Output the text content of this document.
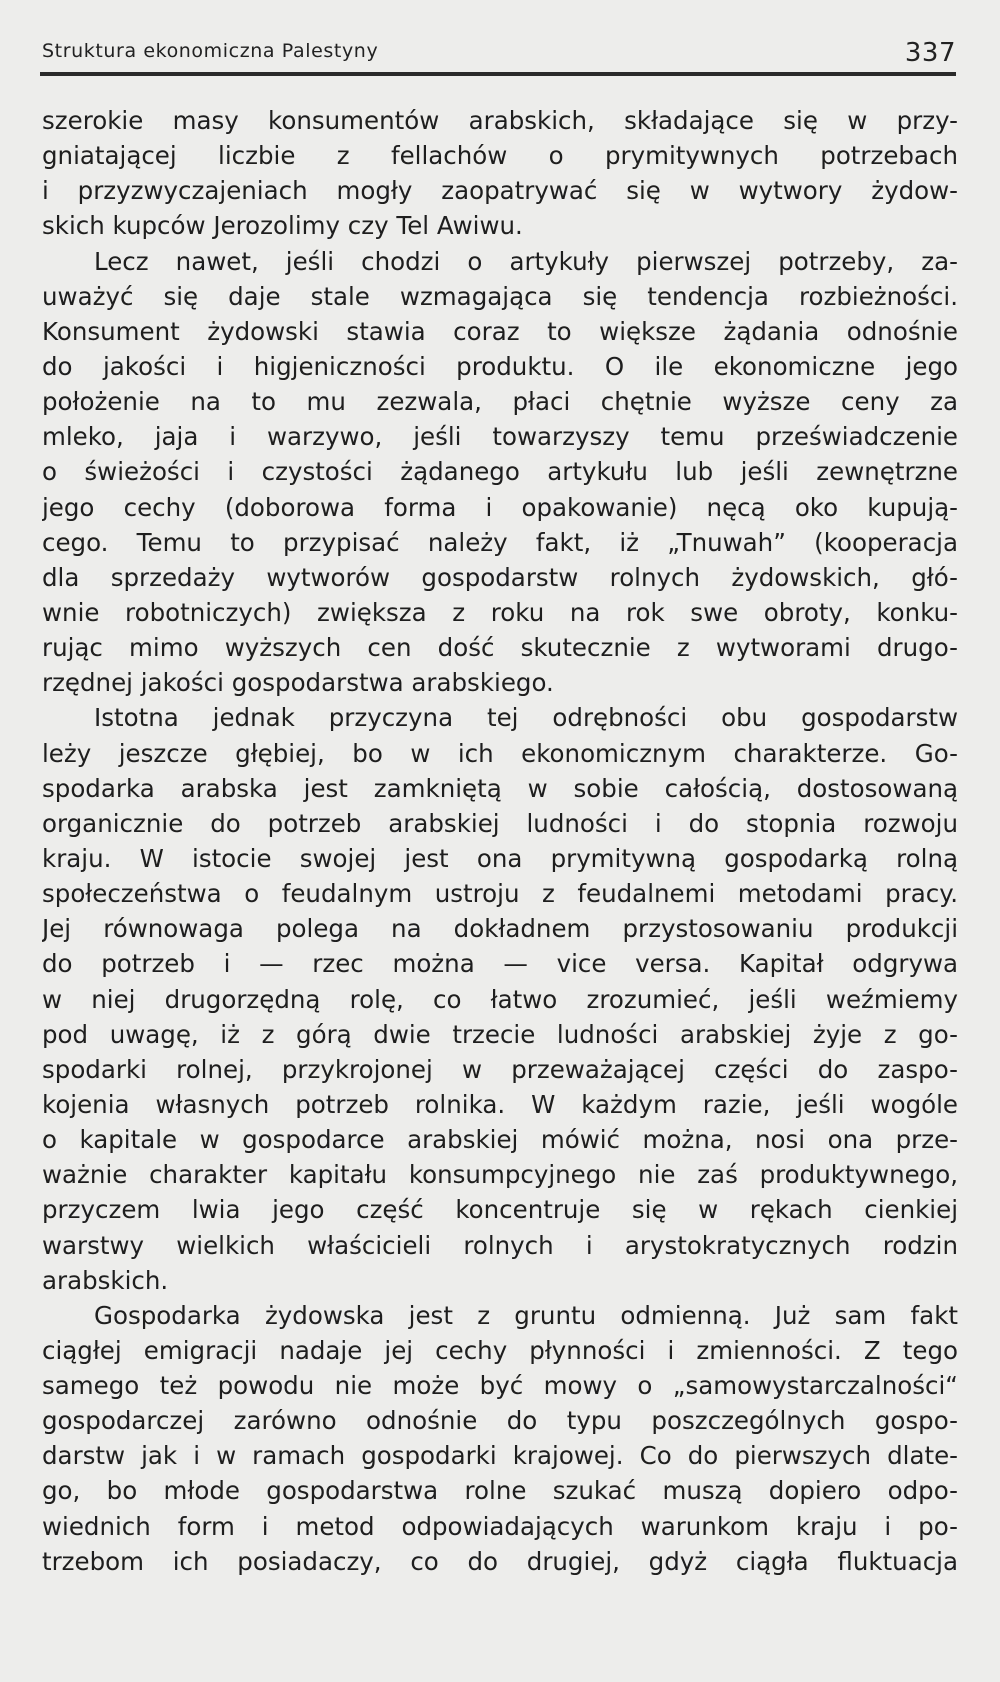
Struktura ekonomiczna Palestyny	337
szerokie masy konsumentów arabskich, składające się w przy-
gniatającej liczbie z fellachów o prymitywnych potrzebach
i przyzwyczajeniach mogły zaopatrywać się w wytwory żydow-
skich kupców Jerozolimy czy Tel Awiwu.
Lecz nawet, jeśli chodzi o artykuły pierwszej potrzeby, za-
uważyć się daje stale wzmagająca się tendencja rozbieżności.
Konsument żydowski stawia coraz to większe żądania odnośnie
do jakości i higjeniczności produktu. O ile ekonomiczne jego
położenie na to mu zezwala, płaci chętnie wyższe ceny za
mleko, jaja i warzywo, jeśli towarzyszy temu przeświadczenie
o świeżości i czystości żądanego artykułu lub jeśli zewnętrzne
jego cechy (doborowa forma i opakowanie) nęcą oko kupują-
cego. Temu to przypisać należy fakt, iż „Tnuwah” (kooperacja
dla sprzedaży wytworów gospodarstw rolnych żydowskich, głó-
wnie robotniczych) zwiększa z roku na rok swe obroty, konku-
rując mimo wyższych cen dość skutecznie z wytworami drugo-
rzędnej jakości gospodarstwa arabskiego.
Istotna jednak przyczyna tej odrębności obu gospodarstw
leży jeszcze głębiej, bo w ich ekonomicznym charakterze. Go-
spodarka arabska jest zamkniętą w sobie całością, dostosowaną
organicznie do potrzeb arabskiej ludności i do stopnia rozwoju
kraju. W istocie swojej jest ona prymitywną gospodarką rolną
społeczeństwa o feudalnym ustroju z feudalnemi metodami pracy.
Jej równowaga polega na dokładnem przystosowaniu produkcji
do potrzeb i — rzec można — vice versa. Kapitał odgrywa
w niej drugorzędną rolę, co łatwo zrozumieć, jeśli weźmiemy
pod uwagę, iż z górą dwie trzecie ludności arabskiej żyje z go-
spodarki rolnej, przykrojonej w przeważającej części do zaspo-
kojenia własnych potrzeb rolnika. W każdym razie, jeśli wogóle
o kapitale w gospodarce arabskiej mówić można, nosi ona prze-
ważnie charakter kapitału konsumpcyjnego nie zaś produktywnego,
przyczem lwia jego część koncentruje się w rękach cienkiej
warstwy wielkich właścicieli rolnych i arystokratycznych rodzin
arabskich.
Gospodarka żydowska jest z gruntu odmienną. Już sam fakt
ciągłej emigracji nadaje jej cechy płynności i zmienności. Z tego
samego też powodu nie może być mowy o „samowystarczalności“
gospodarczej zarówno odnośnie do typu poszczególnych gospo-
darstw jak i w ramach gospodarki krajowej. Co do pierwszych dlate-
go, bo młode gospodarstwa rolne szukać muszą dopiero odpo-
wiednich form i metod odpowiadających warunkom kraju i po-
trzebom ich posiadaczy, co do drugiej, gdyż ciągła fluktuacja
